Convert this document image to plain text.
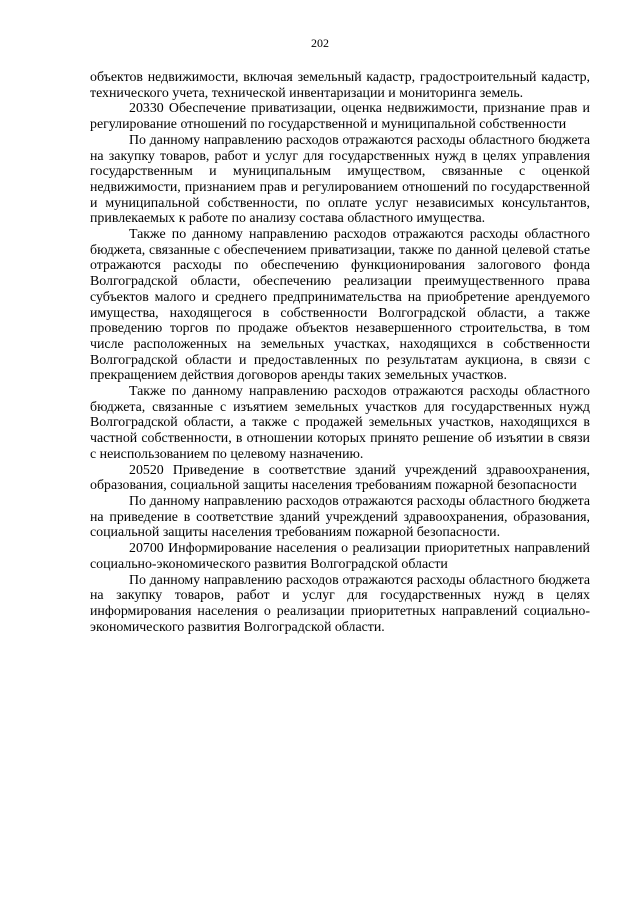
202

объектов недвижимости, включая земельный кадастр, градостроительный кадастр, технического учета, технической инвентаризации и мониторинга земель.

20330 Обеспечение приватизации, оценка недвижимости, признание прав и регулирование отношений по государственной и муниципальной собственности

По данному направлению расходов отражаются расходы областного бюджета на закупку товаров, работ и услуг для государственных нужд в целях управления государственным и муниципальным имуществом, связанные с оценкой недвижимости, признанием прав и регулированием отношений по государственной и муниципальной собственности, по оплате услуг независимых консультантов, привлекаемых к работе по анализу состава областного имущества.

Также по данному направлению расходов отражаются расходы областного бюджета, связанные с обеспечением приватизации, также по данной целевой статье отражаются расходы по обеспечению функционирования залогового фонда Волгоградской области, обеспечению реализации преимущественного права субъектов малого и среднего предпринимательства на приобретение арендуемого имущества, находящегося в собственности Волгоградской области, а также проведению торгов по продаже объектов незавершенного строительства, в том числе расположенных на земельных участках, находящихся в собственности Волгоградской области и предоставленных по результатам аукциона, в связи с прекращением действия договоров аренды таких земельных участков.

Также по данному направлению расходов отражаются расходы областного бюджета, связанные с изъятием земельных участков для государственных нужд Волгоградской области, а также с продажей земельных участков, находящихся в частной собственности, в отношении которых принято решение об изъятии в связи с неиспользованием по целевому назначению.

20520 Приведение в соответствие зданий учреждений здравоохранения, образования, социальной защиты населения требованиям пожарной безопасности

По данному направлению расходов отражаются расходы областного бюджета на приведение в соответствие зданий учреждений здравоохранения, образования, социальной защиты населения требованиям пожарной безопасности.

20700 Информирование населения о реализации приоритетных направлений социально-экономического развития Волгоградской области

По данному направлению расходов отражаются расходы областного бюджета на закупку товаров, работ и услуг для государственных нужд в целях информирования населения о реализации приоритетных направлений социально-экономического развития Волгоградской области.
